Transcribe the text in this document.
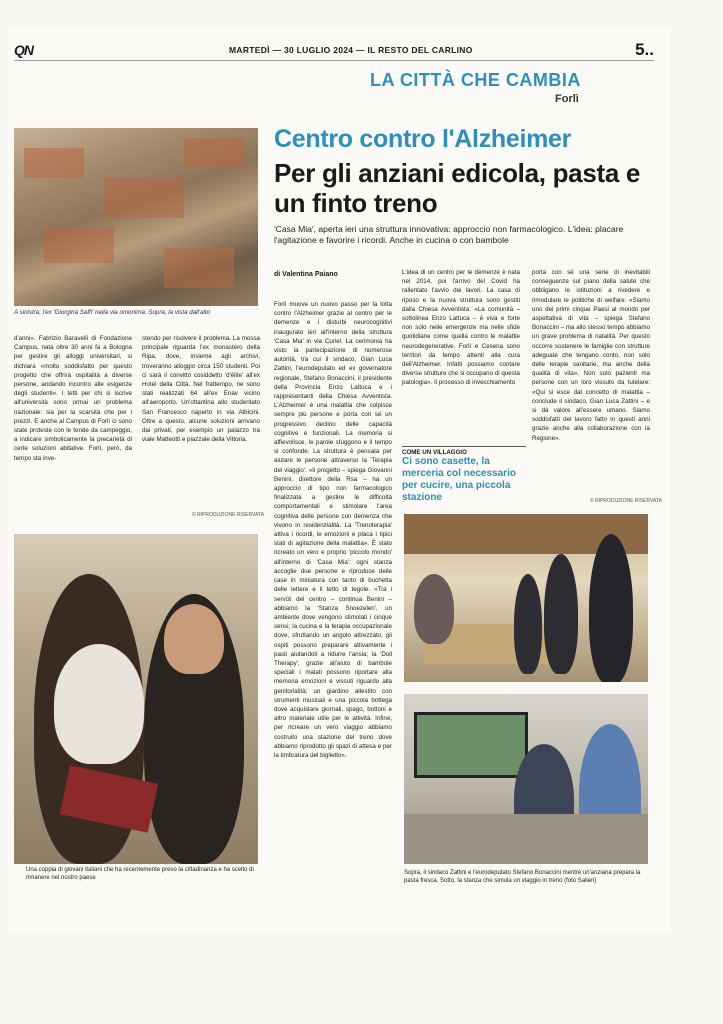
QN	MARTEDÌ — 30 LUGLIO 2024 — IL RESTO DEL CARLINO	5..
LA CITTÀ CHE CAMBIA
Forlì
A sinistra, l'ex 'Giorgina Saffi' nella via omonima. Sopra, la vista dall'alto
Centro contro l'Alzheimer
Per gli anziani edicola, pasta e un finto treno
'Casa Mia', aperta ieri una struttura innovativa: approccio non farmacologico. L'idea: placare l'agitazione e favorire i ricordi. Anche in cucina o con bambole
di Valentina Paiano
d'anni». Fabrizio Baravelli di Fondazione Campus, nata oltre 30 anni fa a Bologna per gestire gli alloggi universitari, si dichiara «molto soddisfatto per questo progetto che offrirà ospitalità a diverse persone, andando incontro alle esigenze degli studenti». I tetti per chi si iscrive all'università sono ormai un problema nazionale: sia per la scarsità che per i prezzi. E anche al Campus di Forlì ci sono state proteste con le tende da campeggio, a indicare simbolicamente la precarietà di certe soluzioni abitative. Forlì, però, da tempo sta inve-
stendo per risolvere il problema. La mossa principale riguarda l'ex monastero della Ripa, dove, insieme agli archivi, troveranno alloggio circa 150 studenti. Poi ci sarà il convitto cosiddetto 'd'élite' all'ex Hotel della Città. Nel frattempo, ne sono stati realizzati 64 all'ex Enav vicino all'aeroporto. Un'ottantina allo studentato San Francesco riaperto in via Albicini. Oltre a questo, alcune soluzioni arrivano dai privati, per esempio un palazzo tra viale Matteotti e piazzale della Vittoria.
© RIPRODUZIONE RISERVATA
Forlì muove un nuovo passo per la lotta contro l'Alzheimer grazie al centro per le demenze e i disturbi neurocognitivi inaugurato ieri all'interno della struttura 'Casa Mia' in via Curiel. La cerimonia ha visto la partecipazione di numerose autorità, tra cui il sindaco, Gian Luca Zattini, l'eurodeputato ed ex governatore regionale, Stefano Bonaccini, il presidente della Provincia Enzo Lattuca e i rappresentanti della Chiesa Avventista. L'Alzheimer è una malattia che colpisce sempre più persone e porta con sé un progressivo declino delle capacità cognitive e funzionali. La memoria si affievolisce, le parole sfuggono e il tempo si confonde. La struttura è pensata per aiutare le persone attraverso la 'Terapia del viaggio'. «Il progetto – spiega Giovanni Benini, direttore della Rsa – ha un approccio di tipo non farmacologico finalizzata a gestire le difficoltà comportamentali e stimolare l'area cognitiva delle persone con demenza che vivono in residenzialità. La 'Trenoterapia' attiva i ricordi, le emozioni e placa i tipici stati di agitazione della malattia». È stato ricreato un vero e proprio 'piccolo mondo' all'interno di 'Casa Mia': ogni stanza accoglie due persone e riproduce delle case in miniatura con tanto di buchetta delle lettere e il tetto di tegole. «Tra i servizi del centro – continua Benini – abbiamo la 'Stanza Snoezelen', un ambiente dove vengono stimolati i cinque sensi; la cucina e la terapia occupazionale dove, sfruttando un angolo attrezzato, gli ospiti possono preparare attivamente i pasti aiutandoli a ridurre l'ansia; la 'Doll Therapy', grazie all'aiuto di bambole speciali i malati possono riportare alla memoria emozioni e vissuti riguardo alla genitorialità; un giardino allestito con strumenti musicali e una piccola bottega dove acquistare giornali, spago, bottoni e altro materiale utile per le attività. Infine, per ricreare un vero viaggio abbiamo costruito una stazione del treno dove abbiamo riprodotto gli spazi di attesa e per la timbratura del biglietto».
L'idea di un centro per le demenze è nata nel 2014, poi l'arrivo del Covid ha rallentato l'avvio dei lavori. La casa di riposo e la nuova struttura sono gestiti dalla Chiesa Avventista: «La comunità – sottolinea Enzo Lattuca – è viva e forte non solo nelle emergenze ma nelle sfide quotidiane come quella contro le malattie neurodegenerative. Forlì e Cesena sono territori da tempo attenti alla cura dell'Alzheimer. Infatti possiamo contare diverse strutture che si occupano di questa patologia». Il processo di invecchiamento
porta con sé una serie di inevitabili conseguenze sul piano della salute che obbligano le istituzioni a rivedere e rimodulare le politiche di welfare: «Siamo uno dei primi cinque Paesi al mondo per aspettativa di vita – spiega Stefano Bonaccini – ma allo stesso tempo abbiamo un grave problema di natalità. Per questo occorre sostenere le famiglie con strutture adeguate che tengano conto, non solo delle terapie sanitarie, ma anche della qualità di vita». Non solo pazienti ma persone con un loro vissuto da tutelare: «Qui si esce dal concetto di malattia – conclude il sindaco, Gian Luca Zattini – e si dà valore all'essere umano. Siamo soddisfatti del lavoro fatto in questi anni grazie anche alla collaborazione con la Regione».
© RIPRODUZIONE RISERVATA
COME UN VILLAGGIO
Ci sono casette, la merceria col necessario per cucire, una piccola stazione
Una coppia di giovani italiani che ha recentemente preso la cittadinanza e ha scelto di rimanere nel nostro paese
Sopra, il sindaco Zattini e l'eurodeputato Stefano Bonaccini mentre un'anziana prepara la pasta fresca. Sotto, la stanza che simula un viaggio in treno (foto Salieri)
